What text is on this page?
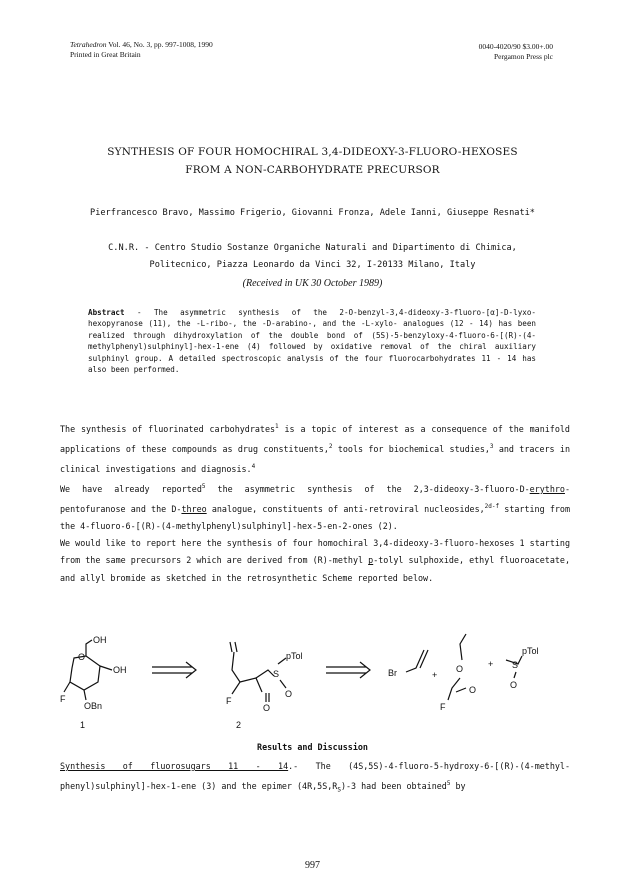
Tetrahedron Vol. 46, No. 3, pp. 997-1008, 1990
Printed in Great Britain
0040-4020/90 $3.00+.00
Pergamon Press plc
SYNTHESIS OF FOUR HOMOCHIRAL 3,4-DIDEOXY-3-FLUORO-HEXOSES
FROM A NON-CARBOHYDRATE PRECURSOR
Pierfrancesco Bravo, Massimo Frigerio, Giovanni Fronza, Adele Ianni, Giuseppe Resnati*
C.N.R. - Centro Studio Sostanze Organiche Naturali and Dipartimento di Chimica,
Politecnico, Piazza Leonardo da Vinci 32, I-20133 Milano, Italy
(Received in UK 30 October 1989)
Abstract - The asymmetric synthesis of the 2-O-benzyl-3,4-dideoxy-3-fluoro-[α]-D-lyxo-hexopyranose (11), the -L-ribo-, the -D-arabino-, and the -L-xylo- analogues (12 - 14) has been realized through dihydroxylation of the double bond of (5S)-5-benzyloxy-4-fluoro-6-[(R)-(4-methylphenyl)sulphinyl]-hex-1-ene (4) followed by oxidative removal of the chiral auxiliary sulphinyl group. A detailed spectroscopic analysis of the four fluorocarbohydrates 11 - 14 has also been performed.

The synthesis of fluorinated carbohydrates$^1$ is a topic of interest as a consequence of the manifold applications of these compounds as drug constituents,$^2$ tools for biochemical studies,$^3$ and tracers in clinical investigations and diagnosis.$^4$

We have already reported$^5$ the asymmetric synthesis of the 2,3-dideoxy-3-fluoro-D-erythro-pentofuranose and the D-threo analogue, constituents of anti-retroviral nucleosides,$^{2d-f}$ starting from the 4-fluoro-6-[(R)-(4-methylphenyl)sulphinyl]-hex-5-en-2-ones (2).

We would like to report here the synthesis of four homochiral 3,4-dideoxy-3-fluoro-hexoses 1 starting from the same precursors 2 which are derived from (R)-methyl p-tolyl sulphoxide, ethyl fluoroacetate, and allyl bromide as sketched in the retrosynthetic Scheme reported below.

OH
O
OH
F
OBn
1
pTol
S
O
F
O
2
Br	+
O
F
O
+ S
pTol
O
Results and Discussion
Synthesis of fluorosugars 11 - 14.- The (4S,5S)-4-fluoro-5-hydroxy-6-[(R)-(4-methyl-phenyl)sulphinyl]-hex-1-ene (3) and the epimer $(4R,5S,R_S)-3$ had been obtained$^5$ by
997
